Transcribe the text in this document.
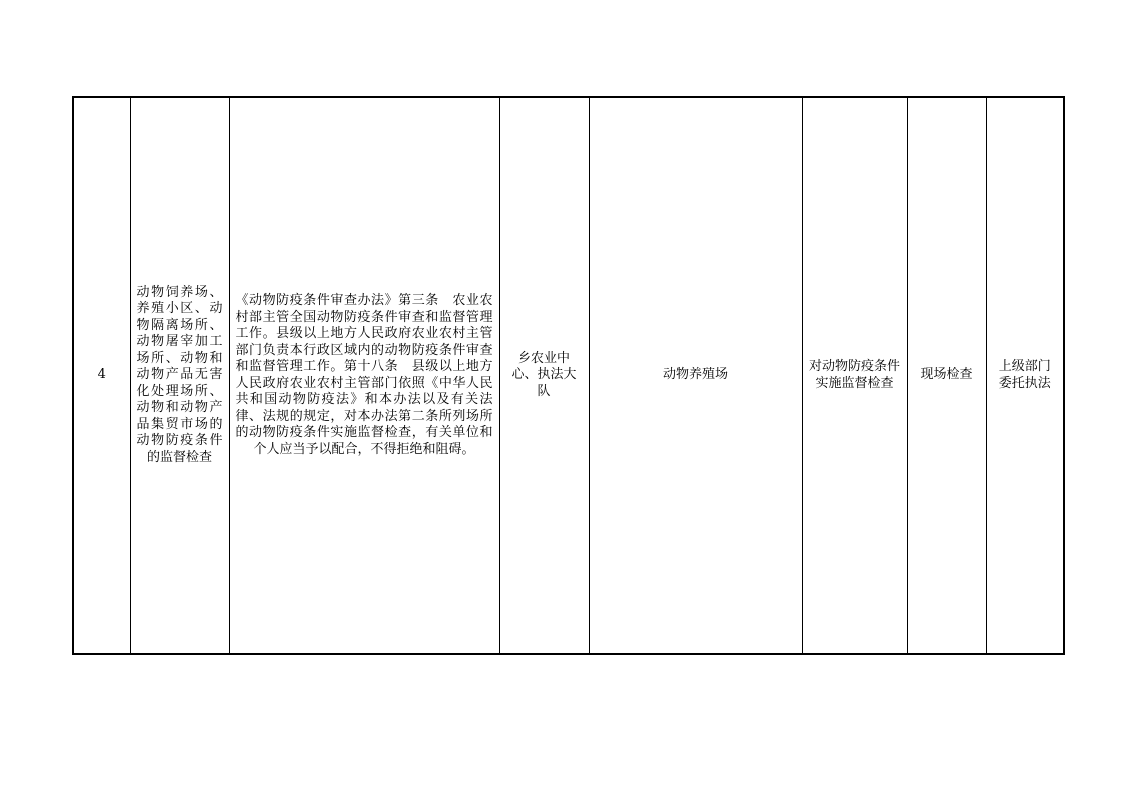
4

动物饲养场、养殖小区、动物隔离场所、动物屠宰加工场所、动物和动物产品无害化处理场所、动物和动物产品集贸市场的动物防疫条件的监督检查

《动物防疫条件审查办法》第三条　农业农村部主管全国动物防疫条件审查和监督管理工作。县级以上地方人民政府农业农村主管部门负责本行政区域内的动物防疫条件审查和监督管理工作。第十八条　县级以上地方人民政府农业农村主管部门依照《中华人民共和国动物防疫法》和本办法以及有关法律、法规的规定，对本办法第二条所列场所的动物防疫条件实施监督检查，有关单位和个人应当予以配合，不得拒绝和阻碍。

乡农业中心、执法大队

动物养殖场

对动物防疫条件实施监督检查

现场检查

上级部门委托执法
